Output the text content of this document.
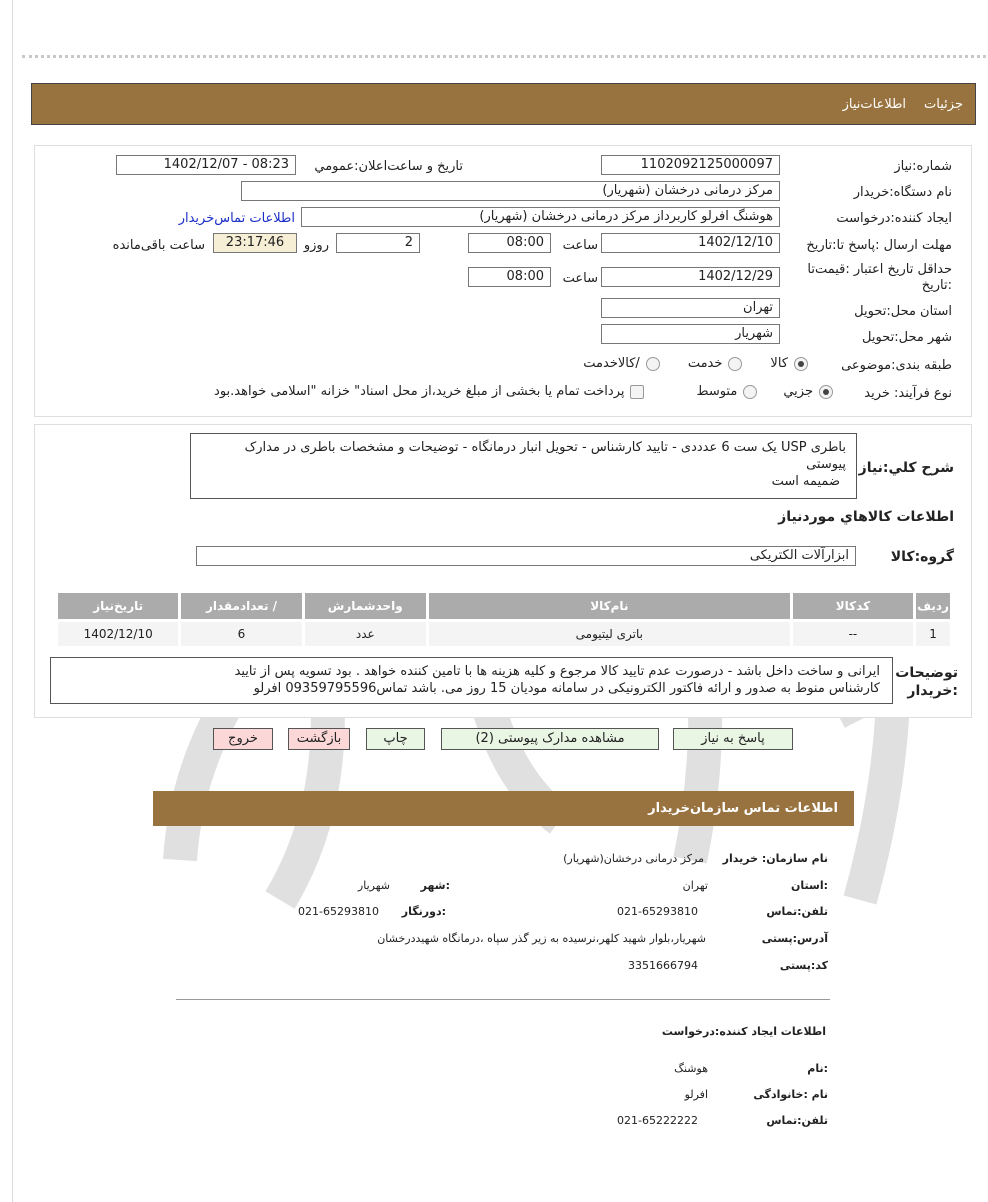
جزئیات
اطلاعات‌نیاز
شماره:نیاز
1102092125000097
تاریخ و ساعت‌اعلان:عمومي
1402/12/07 - 08:23
نام دستگاه:خریدار
مرکز درمانی درخشان (شهریار)
ایجاد کننده:درخواست
هوشنگ افرلو کاربرداز مرکز درمانی درخشان (شهریار)
اطلاعات تماس‌خریدار
مهلت ارسال :پاسخ تا:تاریخ
1402/12/10
ساعت
08:00
2
روزو
23:17:46
ساعت باقی‌مانده
حداقل تاریخ اعتبار :قیمت‌تا :تاریخ
1402/12/29
ساعت
08:00
استان محل:تحویل
تهران
شهر محل:تحویل
شهریار
طبقه بندی:موضوعی
کالا
خدمت
/کالاخدمت
نوع فرآیند: خرید
جزیي
متوسط
پرداخت تمام یا بخشی از مبلغ خرید،از محل اسناد" خزانه "اسلامی خواهد.بود
شرح کلي:نیاز
باطری USP یک ست 6 عدددی - تایید کارشناس - تحویل انبار درمانگاه - توضیحات و مشخصات باطری در مدارک پیوستی
ضمیمه است
اطلاعات کالاهاي موردنیاز
گروه:کالا
ابزارآلات الکتریکی
ردیف	کدکالا	نام‌کالا	واحدشمارش	/ تعدادمقدار	تاریخ‌نیاز
1	--	باتری لیتیومی	عدد	6	1402/12/10
توضیحات
:خریدار
ایرانی و ساخت داخل باشد - درصورت عدم تایید کالا مرجوع و کلیه هزینه ها با تامین کننده خواهد . بود تسویه پس از تایید
کارشناس منوط به صدور و ارائه فاکتور الکترونیکی در سامانه مودیان 15 روز می. باشد تماس09359795596 افرلو
پاسخ به نیاز
مشاهده مدارک پیوستی (2)
چاپ
بازگشت
خروج
اطلاعات تماس سازمان‌خریدار
نام سازمان: خریدار
مرکز درمانی درخشان(شهریار)
:استان
تهران
:شهر
شهریار
تلفن:تماس
021-65293810
:دورنگار
021-65293810
آدرس:پستی
شهریار،بلوار شهید کلهر،نرسیده به زیر گذر سپاه ،درمانگاه شهیددرخشان
کد:پستی
3351666794
اطلاعات ایجاد کننده:درخواست
:نام
هوشنگ
نام :خانوادگی
افرلو
تلفن:تماس
021-65222222
